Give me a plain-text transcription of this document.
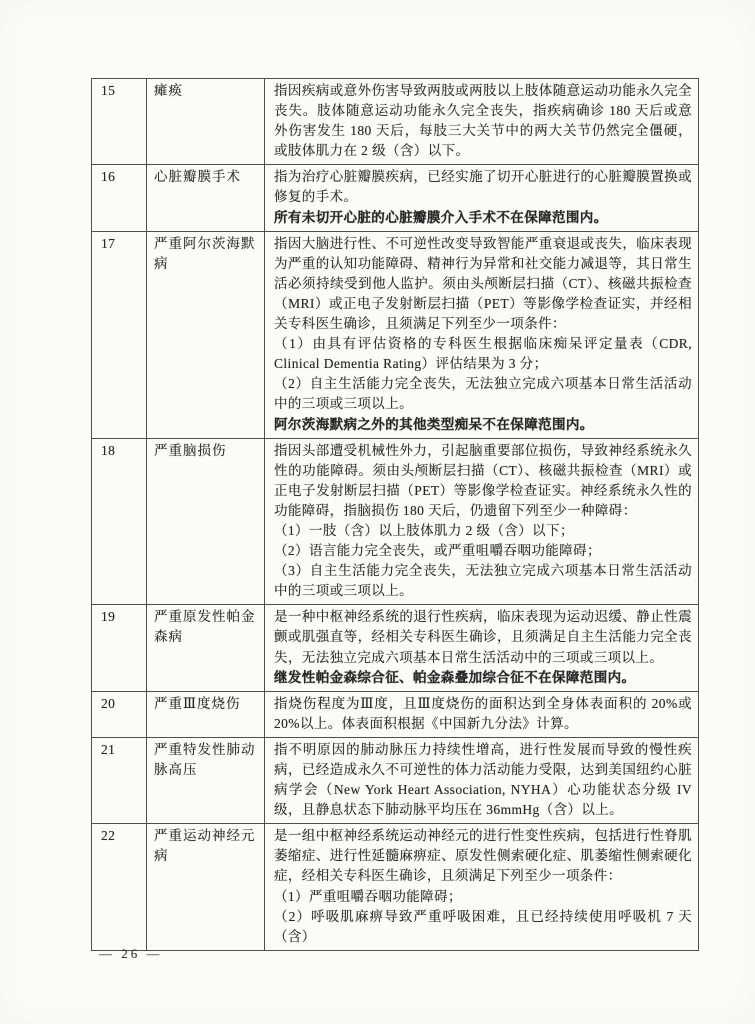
15	瘫痪	指因疾病或意外伤害导致两肢或两肢以上肢体随意运动功能永久完全丧失。肢体随意运动功能永久完全丧失，指疾病确诊 180 天后或意外伤害发生 180 天后，每肢三大关节中的两大关节仍然完全僵硬，或肢体肌力在 2 级（含）以下。

16	心脏瓣膜手术	指为治疗心脏瓣膜疾病，已经实施了切开心脏进行的心脏瓣膜置换或修复的手术。

所有未切开心脏的心脏瓣膜介入手术不在保障范围内。

17	严重阿尔茨海默病	指因大脑进行性、不可逆性改变导致智能严重衰退或丧失，临床表现为严重的认知功能障碍、精神行为异常和社交能力减退等，其日常生活必须持续受到他人监护。须由头颅断层扫描（CT）、核磁共振检查（MRI）或正电子发射断层扫描（PET）等影像学检查证实，并经相关专科医生确诊，且须满足下列至少一项条件：

（1）由具有评估资格的专科医生根据临床痴呆评定量表（CDR, Clinical Dementia Rating）评估结果为 3 分；

（2）自主生活能力完全丧失，无法独立完成六项基本日常生活活动中的三项或三项以上。

阿尔茨海默病之外的其他类型痴呆不在保障范围内。

18	严重脑损伤	指因头部遭受机械性外力，引起脑重要部位损伤，导致神经系统永久性的功能障碍。须由头颅断层扫描（CT）、核磁共振检查（MRI）或正电子发射断层扫描（PET）等影像学检查证实。神经系统永久性的功能障碍，指脑损伤 180 天后，仍遗留下列至少一种障碍：

（1）一肢（含）以上肢体肌力 2 级（含）以下；

（2）语言能力完全丧失，或严重咀嚼吞咽功能障碍；

（3）自主生活能力完全丧失，无法独立完成六项基本日常生活活动中的三项或三项以上。

19	严重原发性帕金森病	是一种中枢神经系统的退行性疾病，临床表现为运动迟缓、静止性震颤或肌强直等，经相关专科医生确诊，且须满足自主生活能力完全丧失，无法独立完成六项基本日常生活活动中的三项或三项以上。

继发性帕金森综合征、帕金森叠加综合征不在保障范围内。

20	严重Ⅲ度烧伤	指烧伤程度为Ⅲ度，且Ⅲ度烧伤的面积达到全身体表面积的 20%或 20%以上。体表面积根据《中国新九分法》计算。

21	严重特发性肺动脉高压	指不明原因的肺动脉压力持续性增高，进行性发展而导致的慢性疾病，已经造成永久不可逆性的体力活动能力受限，达到美国纽约心脏病学会（New York Heart Association, NYHA）心功能状态分级 IV 级，且静息状态下肺动脉平均压在 36mmHg（含）以上。

22	严重运动神经元病	是一组中枢神经系统运动神经元的进行性变性疾病，包括进行性脊肌萎缩症、进行性延髓麻痹症、原发性侧索硬化症、肌萎缩性侧索硬化症，经相关专科医生确诊，且须满足下列至少一项条件：

（1）严重咀嚼吞咽功能障碍；

（2）呼吸肌麻痹导致严重呼吸困难，且已经持续使用呼吸机 7 天（含）

— 26 —
